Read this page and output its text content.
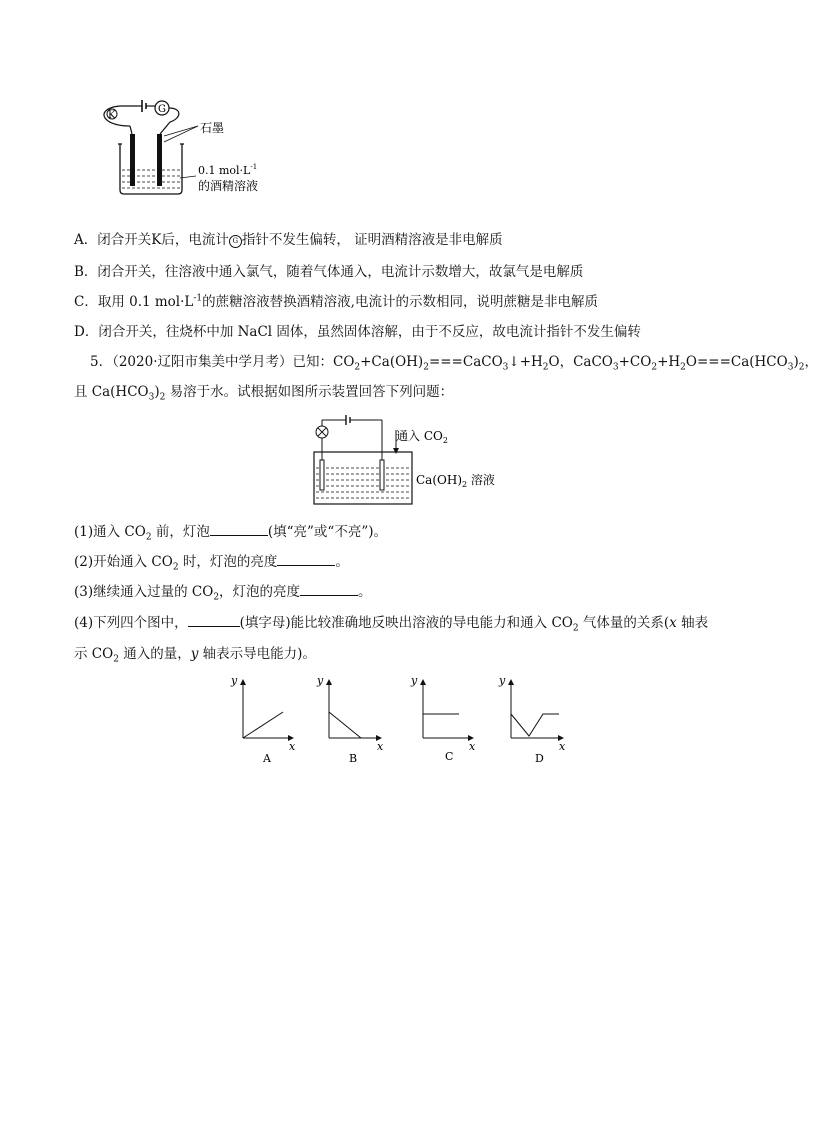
G
K
石墨
0.1 $mol\cdot L^{-1}$
的酒精溶液
A．闭合开关K后，电流计 G 指针不发生偏转， 证明酒精溶液是非电解质
B．闭合开关，往溶液中通入氯气，随着气体通入，电流计示数增大，故氯气是电解质
C．取用 0.1 $mol\cdot L^{-1}$的蔗糖溶液替换酒精溶液,电流计的示数相同，说明蔗糖是非电解质
D．闭合开关，往烧杯中加 NaCl 固体，虽然固体溶解，由于不反应，故电流计指针不发生偏转
5．（2020·辽阳市集美中学月考）已知：$CO_2+Ca(OH)_2===CaCO_3↓+H_2O$，$CaCO_3+CO_2+H_2O===Ca(HCO_3)_2$，
且 $Ca(HCO_3)_2$ 易溶于水。试根据如图所示装置回答下列问题：
通入 $CO_2$
$Ca(OH)_2$ 溶液
(1)通入 $CO_2$ 前，灯泡	(填“亮”或“不亮”)。
(2)开始通入 $CO_2$ 时，灯泡的亮度	。
(3)继续通入过量的 $CO_2$，灯泡的亮度	。
(4)下列四个图中，	(填字母)能比较准确地反映出溶液的导电能力和通入 $CO_2$ 气体量的关系(x 轴表
示 $CO_2$ 通入的量，y 轴表示导电能力)。
y
x
A
y
x
B
y
x
C
y
x
D
